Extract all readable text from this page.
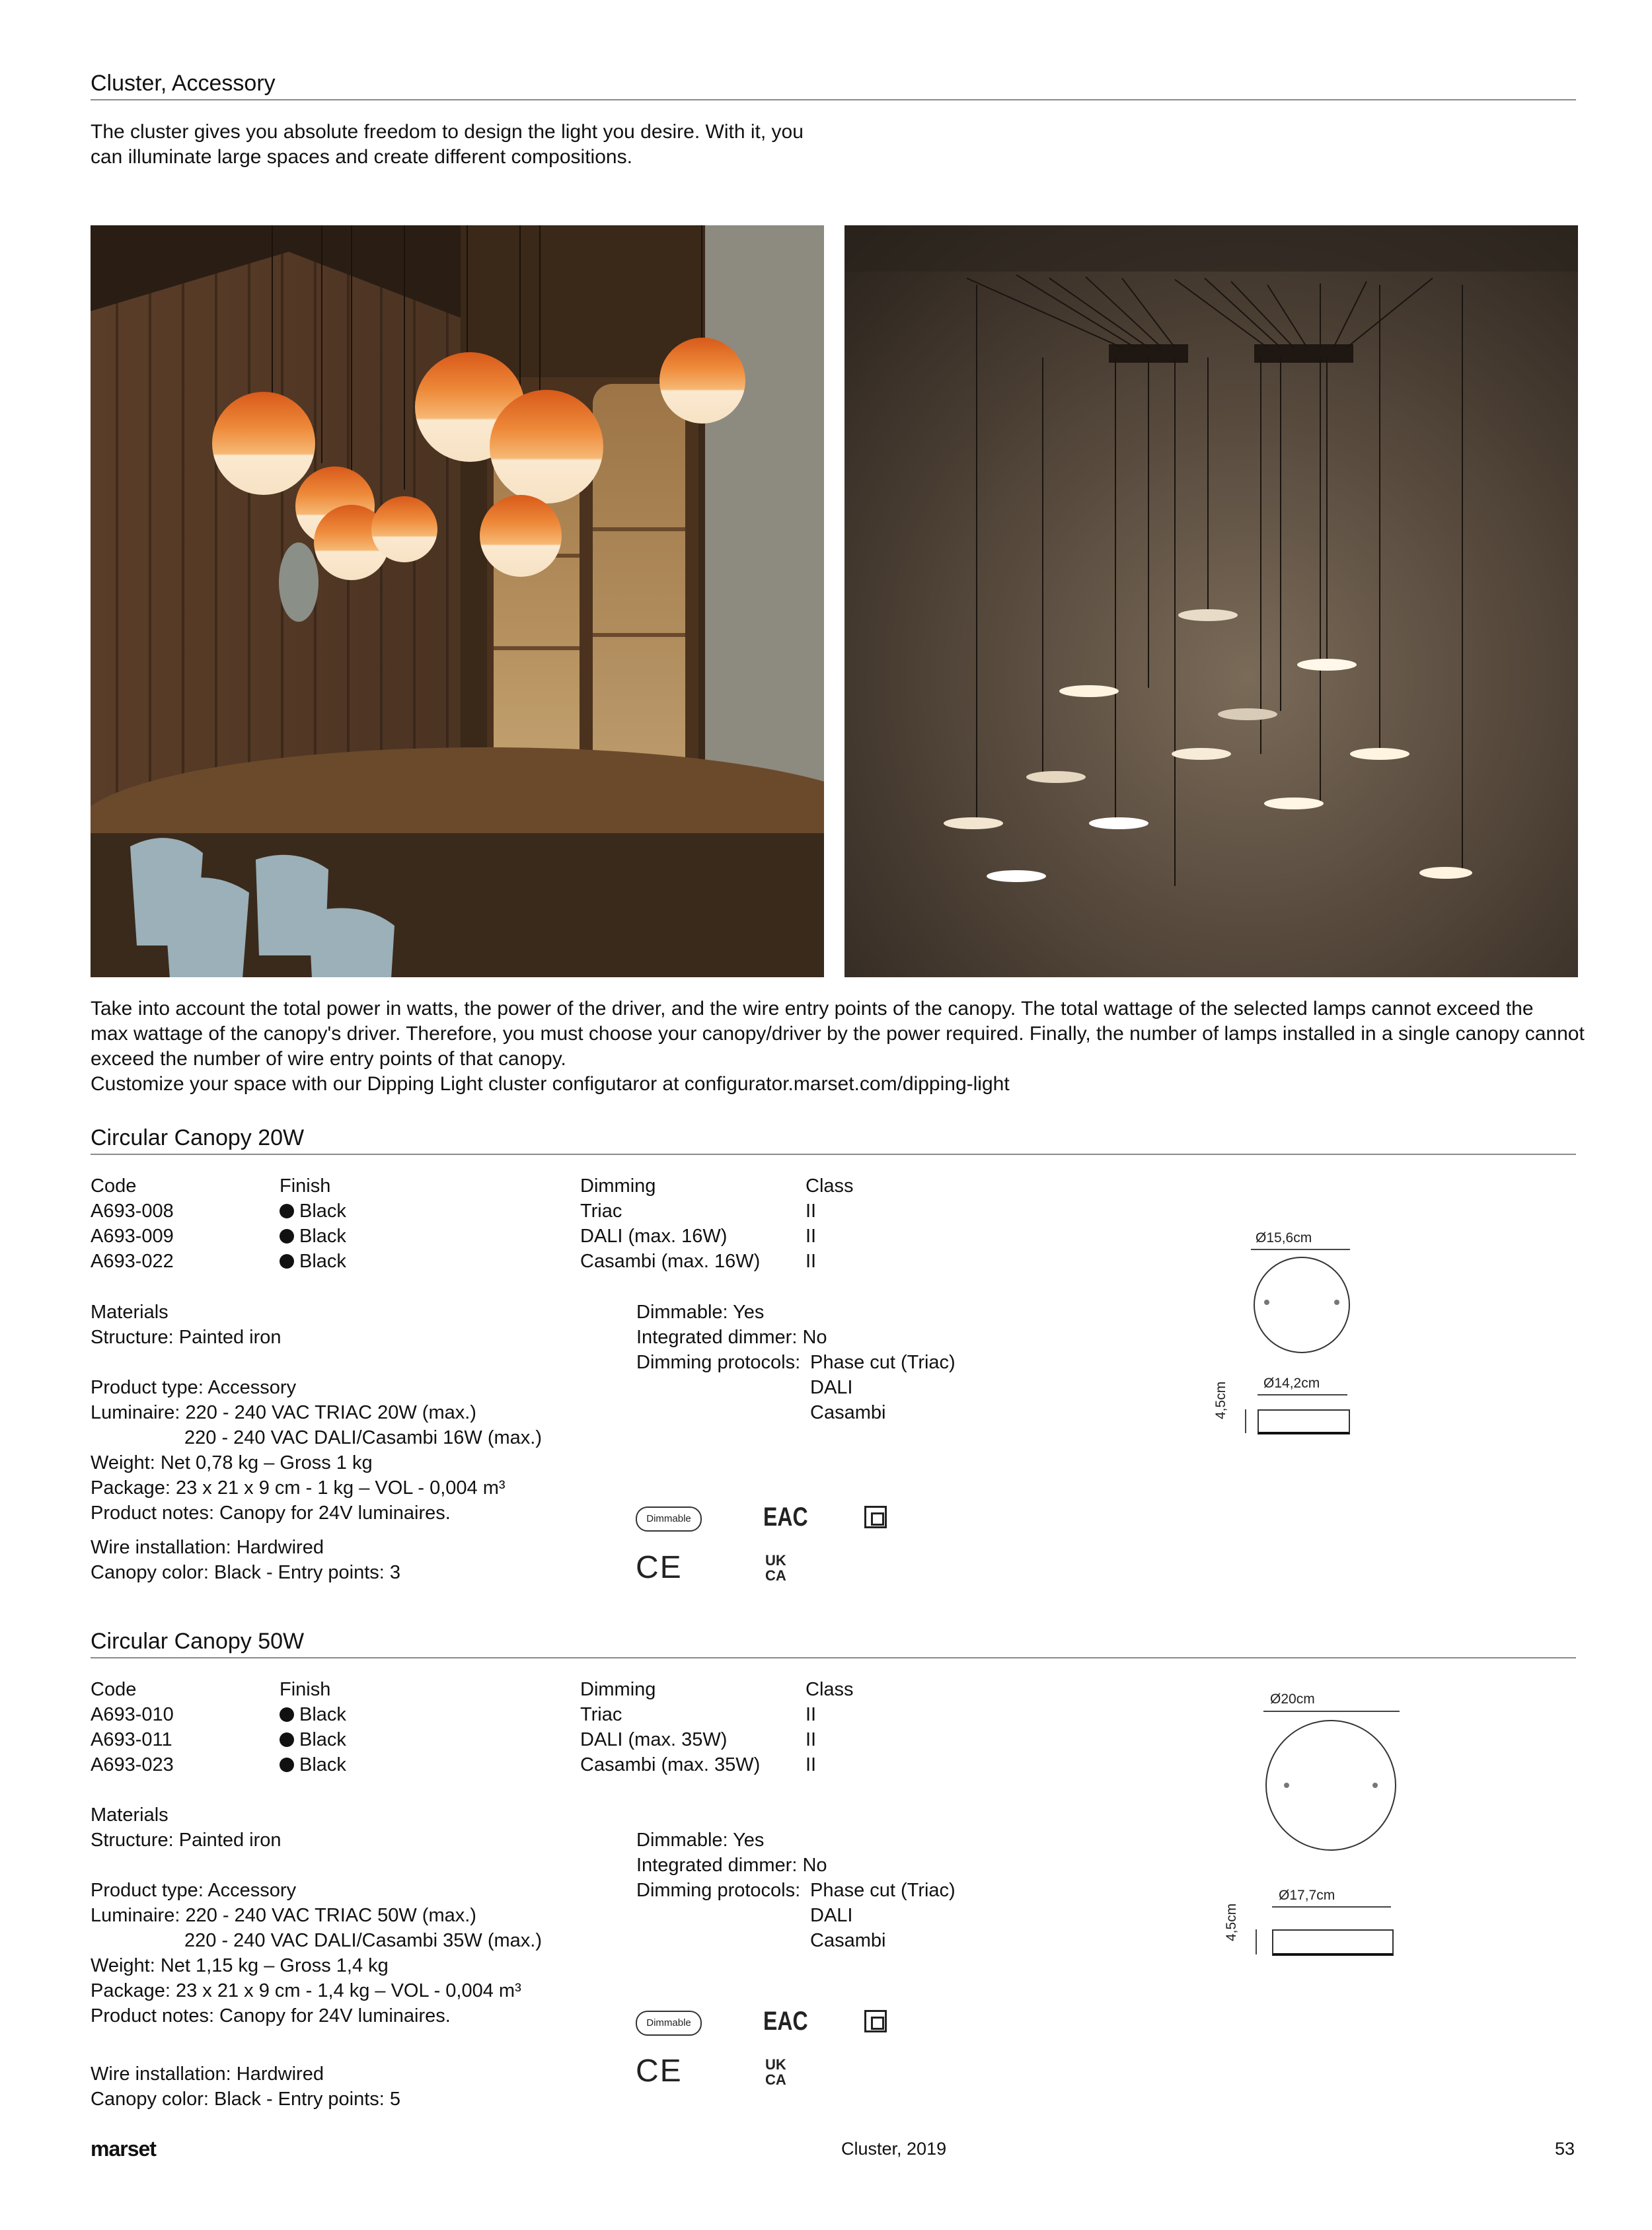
Cluster, Accessory
The cluster gives you absolute freedom to design the light you desire. With it, you
can illuminate large spaces and create different compositions.
Take into account the total power in watts, the power of the driver, and the wire entry points of the canopy. The total wattage of the selected lamps cannot exceed the
max wattage of the canopy's driver. Therefore, you must choose your canopy/driver by the power required. Finally, the number of lamps installed in a single canopy cannot
exceed the number of wire entry points of that canopy.
Customize your space with our Dipping Light cluster configutaror at configurator.marset.com/dipping-light
Circular Canopy 20W
Code	Finish	Dimming	Class
A693-008	Black	Triac	II
A693-009	Black	DALI (max. 16W)	II
A693-022	Black	Casambi (max. 16W) II
Materials
Structure: Painted iron
Product type: Accessory
Luminaire: 220 - 240 VAC TRIAC 20W (max.)
220 - 240 VAC DALI/Casambi 16W (max.)
Weight: Net 0,78 kg – Gross 1 kg
Package: 23 x 21 x 9 cm - 1 kg – VOL - 0,004 m³
Product notes: Canopy for 24V luminaires.
Wire installation: Hardwired
Canopy color: Black - Entry points: 3
Dimmable: Yes
Integrated dimmer: No
Dimming protocols: Phase cut (Triac)
DALI
Casambi
Dimmable	EAC
CE	UK
CA
Ø15,6cm
Ø14,2cm
4,5cm
Circular Canopy 50W
Code	Finish	Dimming	Class
A693-010	Black	Triac	II
A693-011	Black	DALI (max. 35W)	II
A693-023	Black	Casambi (max. 35W) II
Materials
Structure: Painted iron
Product type: Accessory
Luminaire: 220 - 240 VAC TRIAC 50W (max.)
220 - 240 VAC DALI/Casambi 35W (max.)
Weight: Net 1,15 kg – Gross 1,4 kg
Package: 23 x 21 x 9 cm - 1,4 kg – VOL - 0,004 m³
Product notes: Canopy for 24V luminaires.
Wire installation: Hardwired
Canopy color: Black - Entry points: 5
Dimmable: Yes
Integrated dimmer: No
Dimming protocols: Phase cut (Triac)
DALI
Casambi
Dimmable	EAC
CE	UK
CA
Ø20cm
Ø17,7cm
4,5cm
marset	Cluster, 2019	53
